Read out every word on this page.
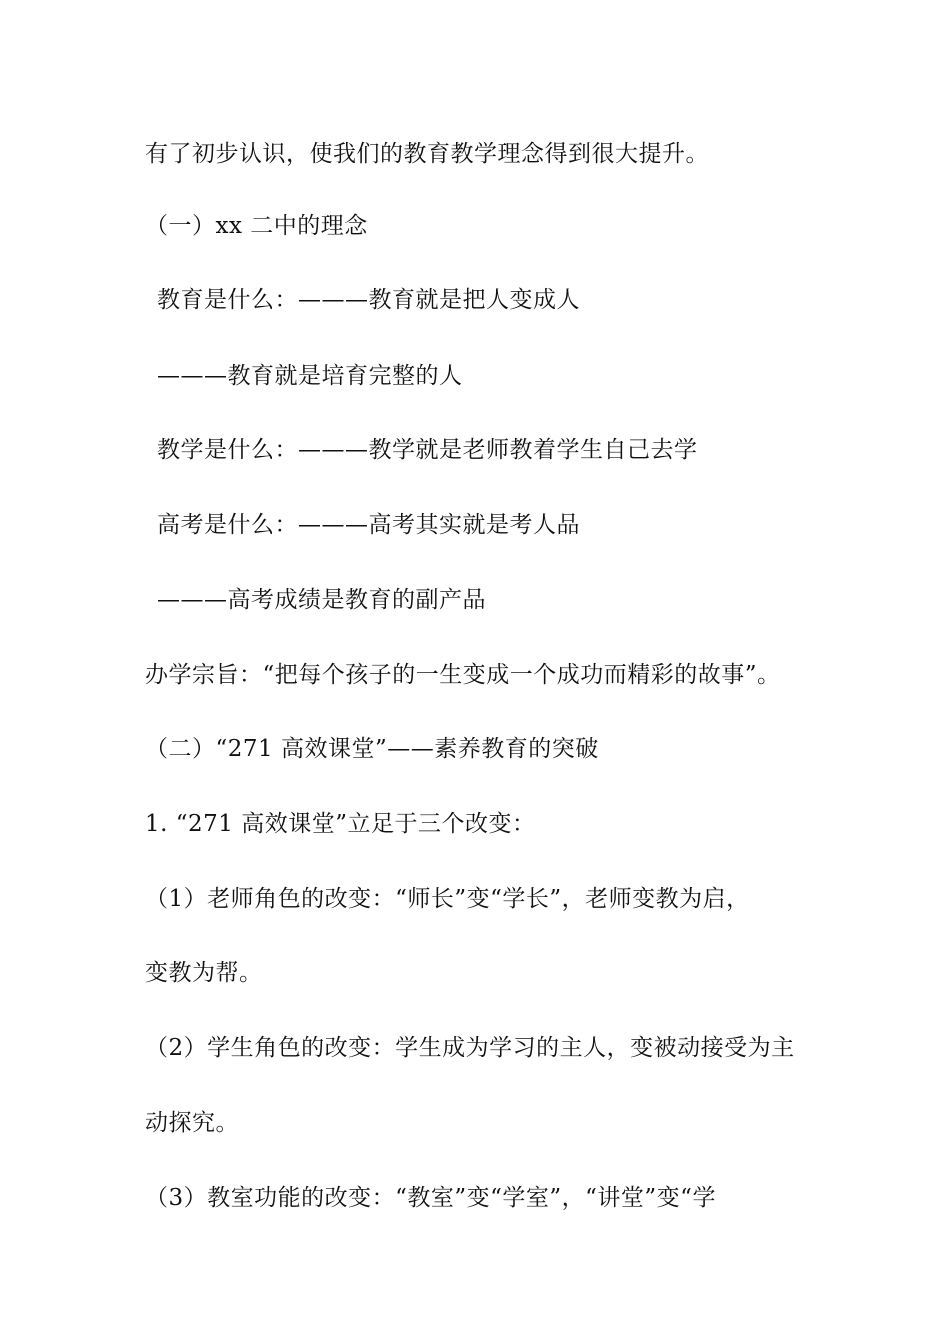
有了初步认识，使我们的教育教学理念得到很大提升。
（一）xx 二中的理念
教育是什么：———教育就是把人变成人
———教育就是培育完整的人
教学是什么：———教学就是老师教着学生自己去学
高考是什么：———高考其实就是考人品
———高考成绩是教育的副产品
办学宗旨：“把每个孩子的一生变成一个成功而精彩的故事”。
（二）“271 高效课堂”——素养教育的突破
1. “271 高效课堂”立足于三个改变：
（1）老师角色的改变：“师长”变“学长”，老师变教为启，
变教为帮。
（2）学生角色的改变：学生成为学习的主人，变被动接受为主
动探究。
（3）教室功能的改变：“教室”变“学室”，“讲堂”变“学
